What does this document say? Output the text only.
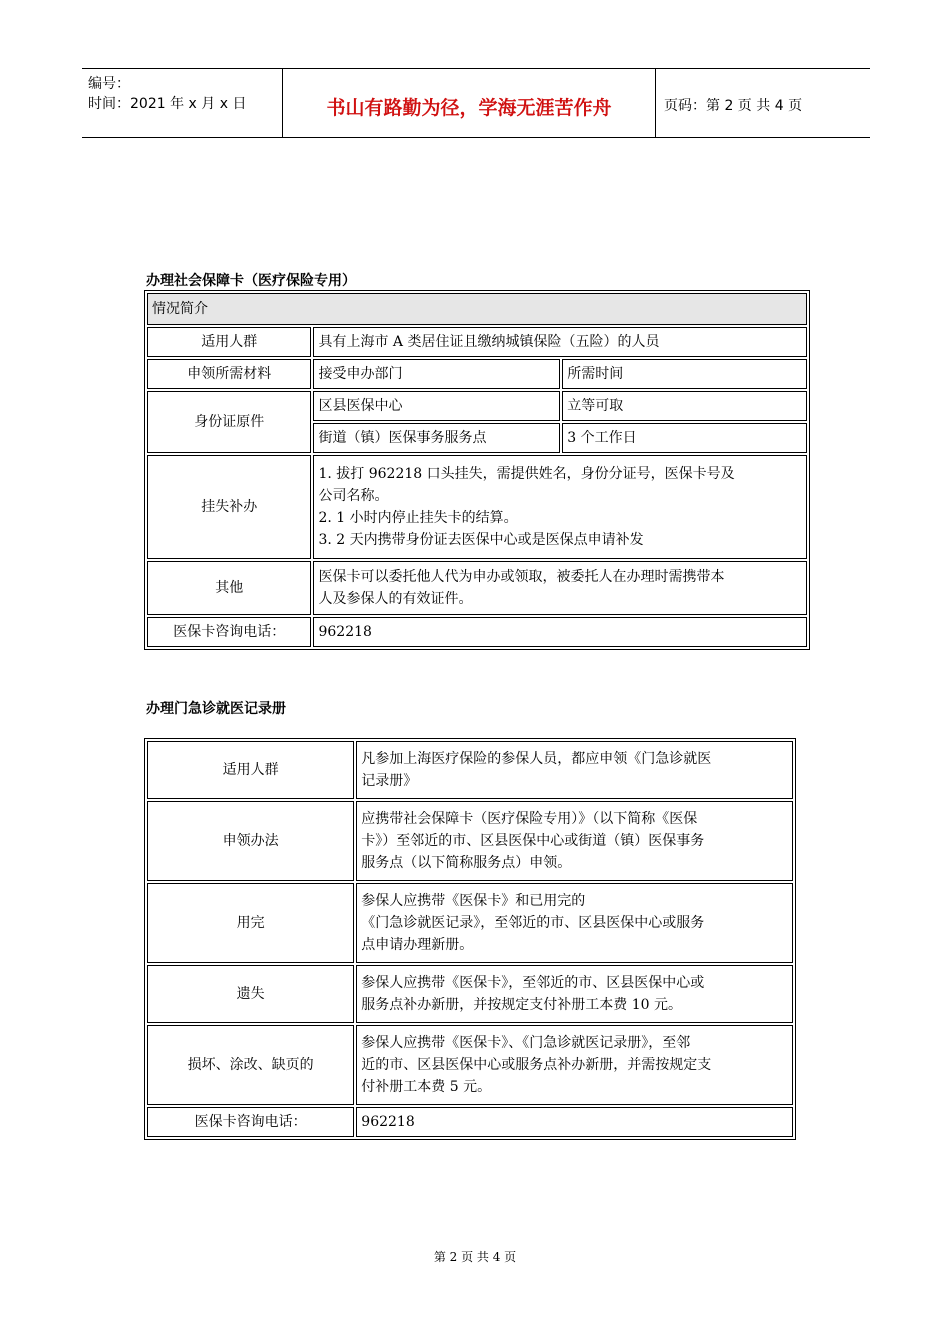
编号：
时间：2021 年 x 月 x 日	书山有路勤为径，学海无涯苦作舟	页码：第 2 页 共 4 页
办理社会保障卡（医疗保险专用）
情况简介		
适用人群	具有上海市 A 类居住证且缴纳城镇保险（五险）的人员	
申领所需材料	接受申办部门	所需时间
身份证原件	区县医保中心	立等可取
	街道（镇）医保事务服务点	3 个工作日
挂失补办	1. 拔打 962218 口头挂失，需提供姓名，身份分证号，医保卡号及
公司名称。
2. 1 小时内停止挂失卡的结算。
3. 2 天内携带身份证去医保中心或是医保点申请补发	

其他	医保卡可以委托他人代为申办或领取，被委托人在办理时需携带本
人及参保人的有效证件。	

医保卡咨询电话：	962218	
办理门急诊就医记录册
适用人群	凡参加上海医疗保险的参保人员，都应申领《门急诊就医
记录册》

申领办法	应携带社会保障卡（医疗保险专用）》（以下简称《医保
卡》）至邻近的市、区县医保中心或街道（镇）医保事务
服务点（以下简称服务点）申领。

用完	参保人应携带《医保卡》和已用完的
《门急诊就医记录》，至邻近的市、区县医保中心或服务
点申请办理新册。

遗失	参保人应携带《医保卡》，至邻近的市、区县医保中心或
服务点补办新册，并按规定支付补册工本费 10 元。

损坏、涂改、缺页的	参保人应携带《医保卡》、《门急诊就医记录册》，至邻
近的市、区县医保中心或服务点补办新册，并需按规定支
付补册工本费 5 元。

医保卡咨询电话：	962218
第 2 页 共 4 页
